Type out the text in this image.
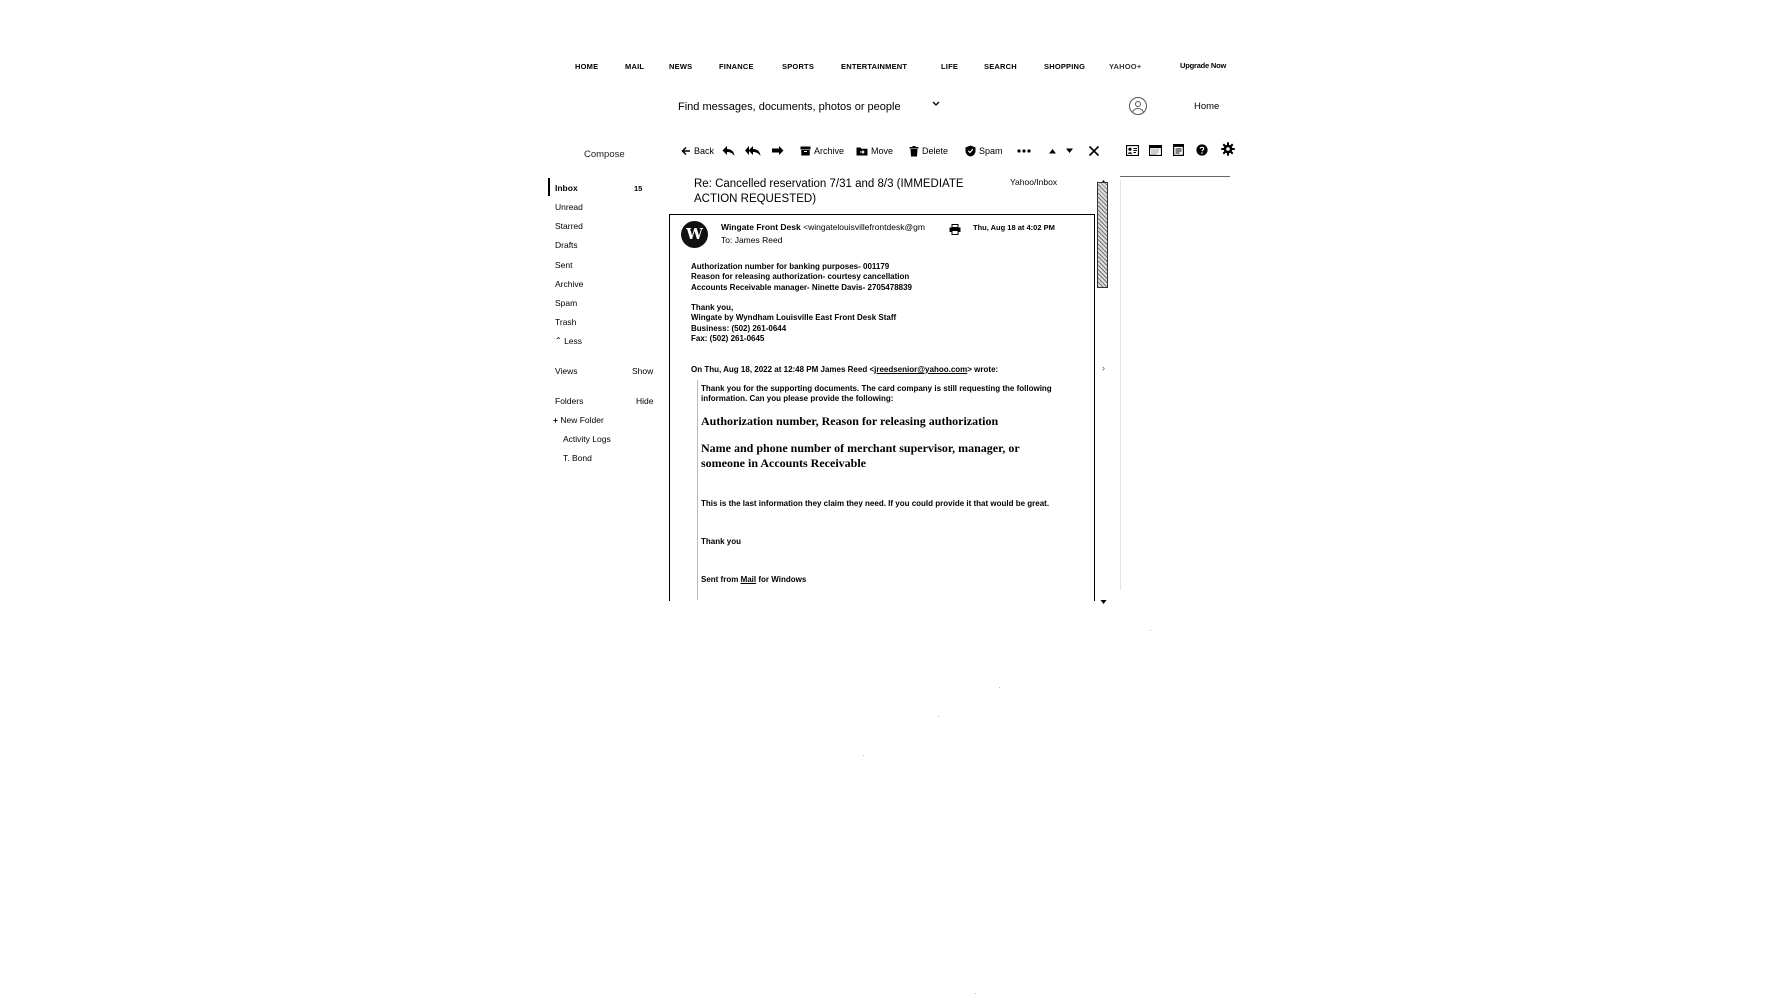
HOME	MAIL	NEWS	FINANCE	SPORTS	ENTERTAINMENT	LIFE	SEARCH	SHOPPING	YAHOO+	Upgrade Now
Find messages, documents, photos or people	Home
Compose	Back	Archive	Move	Delete	Spam
Inbox	15
Unread
Starred
Drafts
Sent
Archive
Spam
Trash
⌃ Less
Views	Show
Folders	Hide
+ New Folder
Activity Logs
T. Bond
Re: Cancelled reservation 7/31 and 8/3 (IMMEDIATE ACTION REQUESTED)
Yahoo/Inbox
›
W	Wingate Front Desk <wingatelouisvillefrontdesk@gm
To: James Reed
Thu, Aug 18 at 4:02 PM
Authorization number for banking purposes- 001179
Reason for releasing authorization- courtesy cancellation
Accounts Receivable manager- Ninette Davis- 2705478839
Thank you,
Wingate by Wyndham Louisville East Front Desk Staff
Business: (502) 261-0644
Fax: (502) 261-0645
On Thu, Aug 18, 2022 at 12:48 PM James Reed <jreedsenior@yahoo.com> wrote:
Thank you for the supporting documents. The card company is still requesting the following
information. Can you please provide the following:
Authorization number, Reason for releasing authorization
Name and phone number of merchant supervisor, manager, or someone in Accounts Receivable
This is the last information they claim they need. If you could provide it that would be great.
Thank you
Sent from Mail for Windows
